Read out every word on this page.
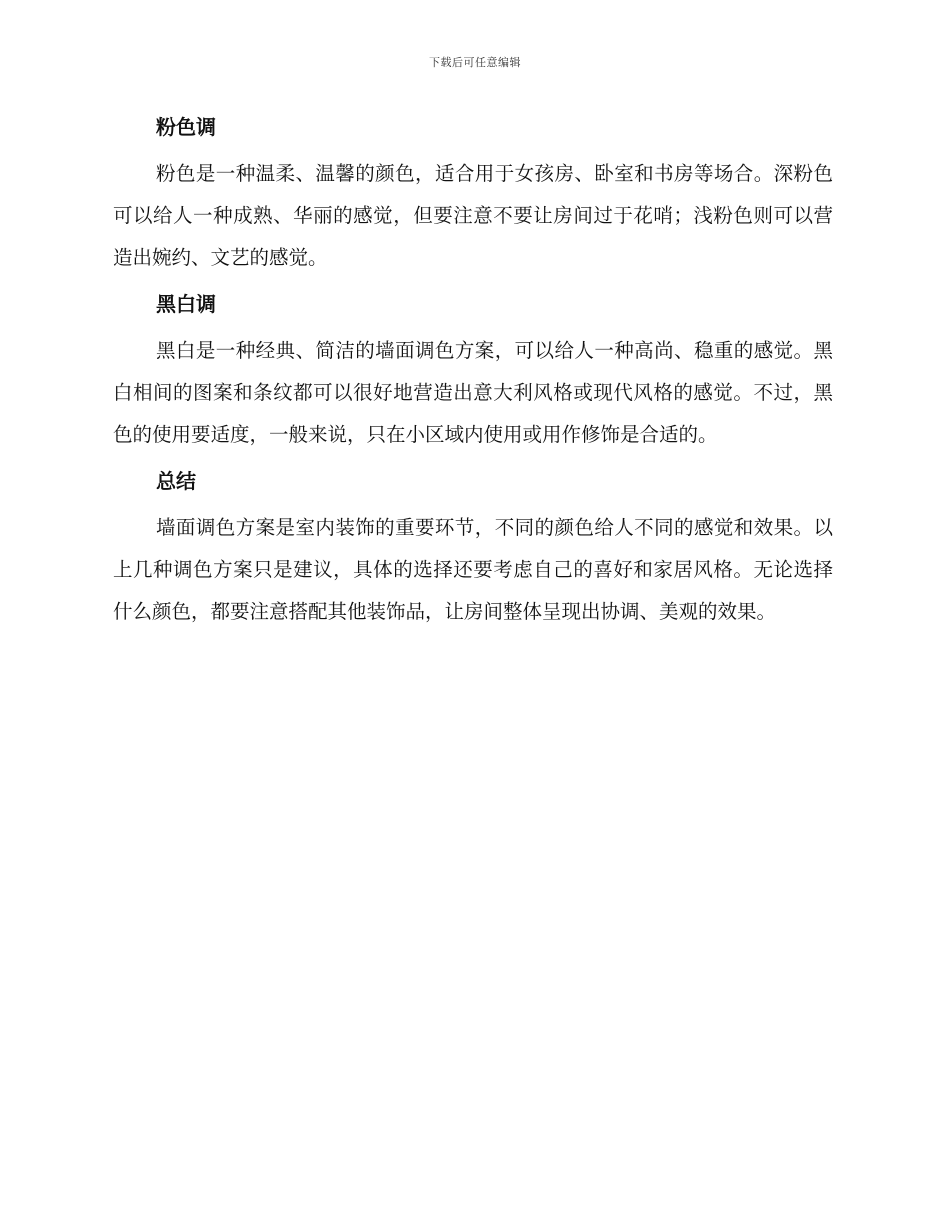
下载后可任意编辑
粉色调

粉色是一种温柔、温馨的颜色，适合用于女孩房、卧室和书房等场合。深粉色可以给人一种成熟、华丽的感觉，但要注意不要让房间过于花哨；浅粉色则可以营造出婉约、文艺的感觉。

黑白调

黑白是一种经典、简洁的墙面调色方案，可以给人一种高尚、稳重的感觉。黑白相间的图案和条纹都可以很好地营造出意大利风格或现代风格的感觉。不过，黑色的使用要适度，一般来说，只在小区域内使用或用作修饰是合适的。

总结

墙面调色方案是室内装饰的重要环节，不同的颜色给人不同的感觉和效果。以上几种调色方案只是建议，具体的选择还要考虑自己的喜好和家居风格。无论选择什么颜色，都要注意搭配其他装饰品，让房间整体呈现出协调、美观的效果。
